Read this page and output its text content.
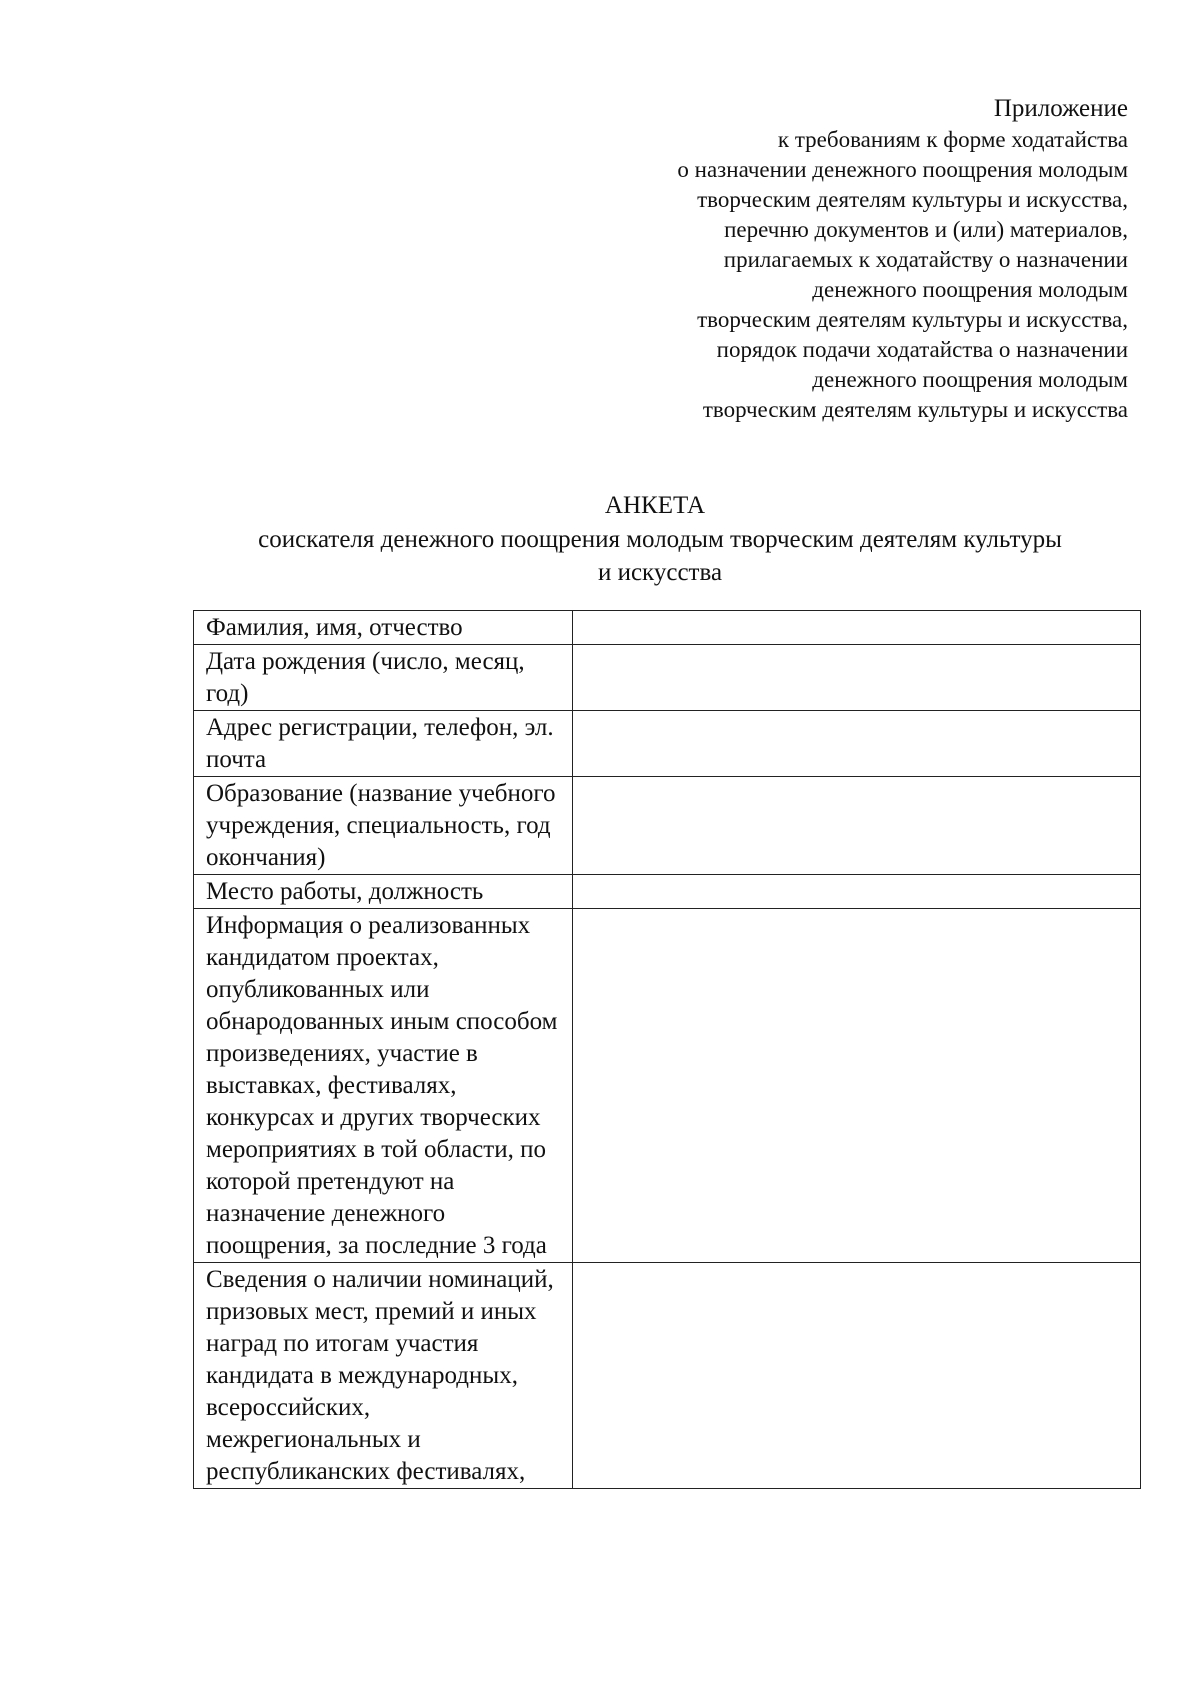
Приложение
к требованиям к форме ходатайства
о назначении денежного поощрения молодым
творческим деятелям культуры и искусства,
перечню документов и (или) материалов,
прилагаемых к ходатайству о назначении
денежного поощрения молодым
творческим деятелям культуры и искусства,
порядок подачи ходатайства о назначении
денежного поощрения молодым
творческим деятелям культуры и искусства
АНКЕТА
соискателя денежного поощрения молодым творческим деятелям культуры
и искусства
Фамилия, имя, отчество	
Дата рождения (число, месяц, год)	
Адрес регистрации, телефон, эл. почта	
Образование (название учебного учреждения, специальность, год окончания)	
Место работы, должность	
Информация о реализованных кандидатом проектах, опубликованных или обнародованных иным способом произведениях, участие в выставках, фестивалях, конкурсах и других творческих мероприятиях в той области, по которой претендуют на назначение денежного поощрения, за последние 3 года	
Сведения о наличии номинаций, призовых мест, премий и иных наград по итогам участия кандидата в международных, всероссийских, межрегиональных и республиканских фестивалях,	
